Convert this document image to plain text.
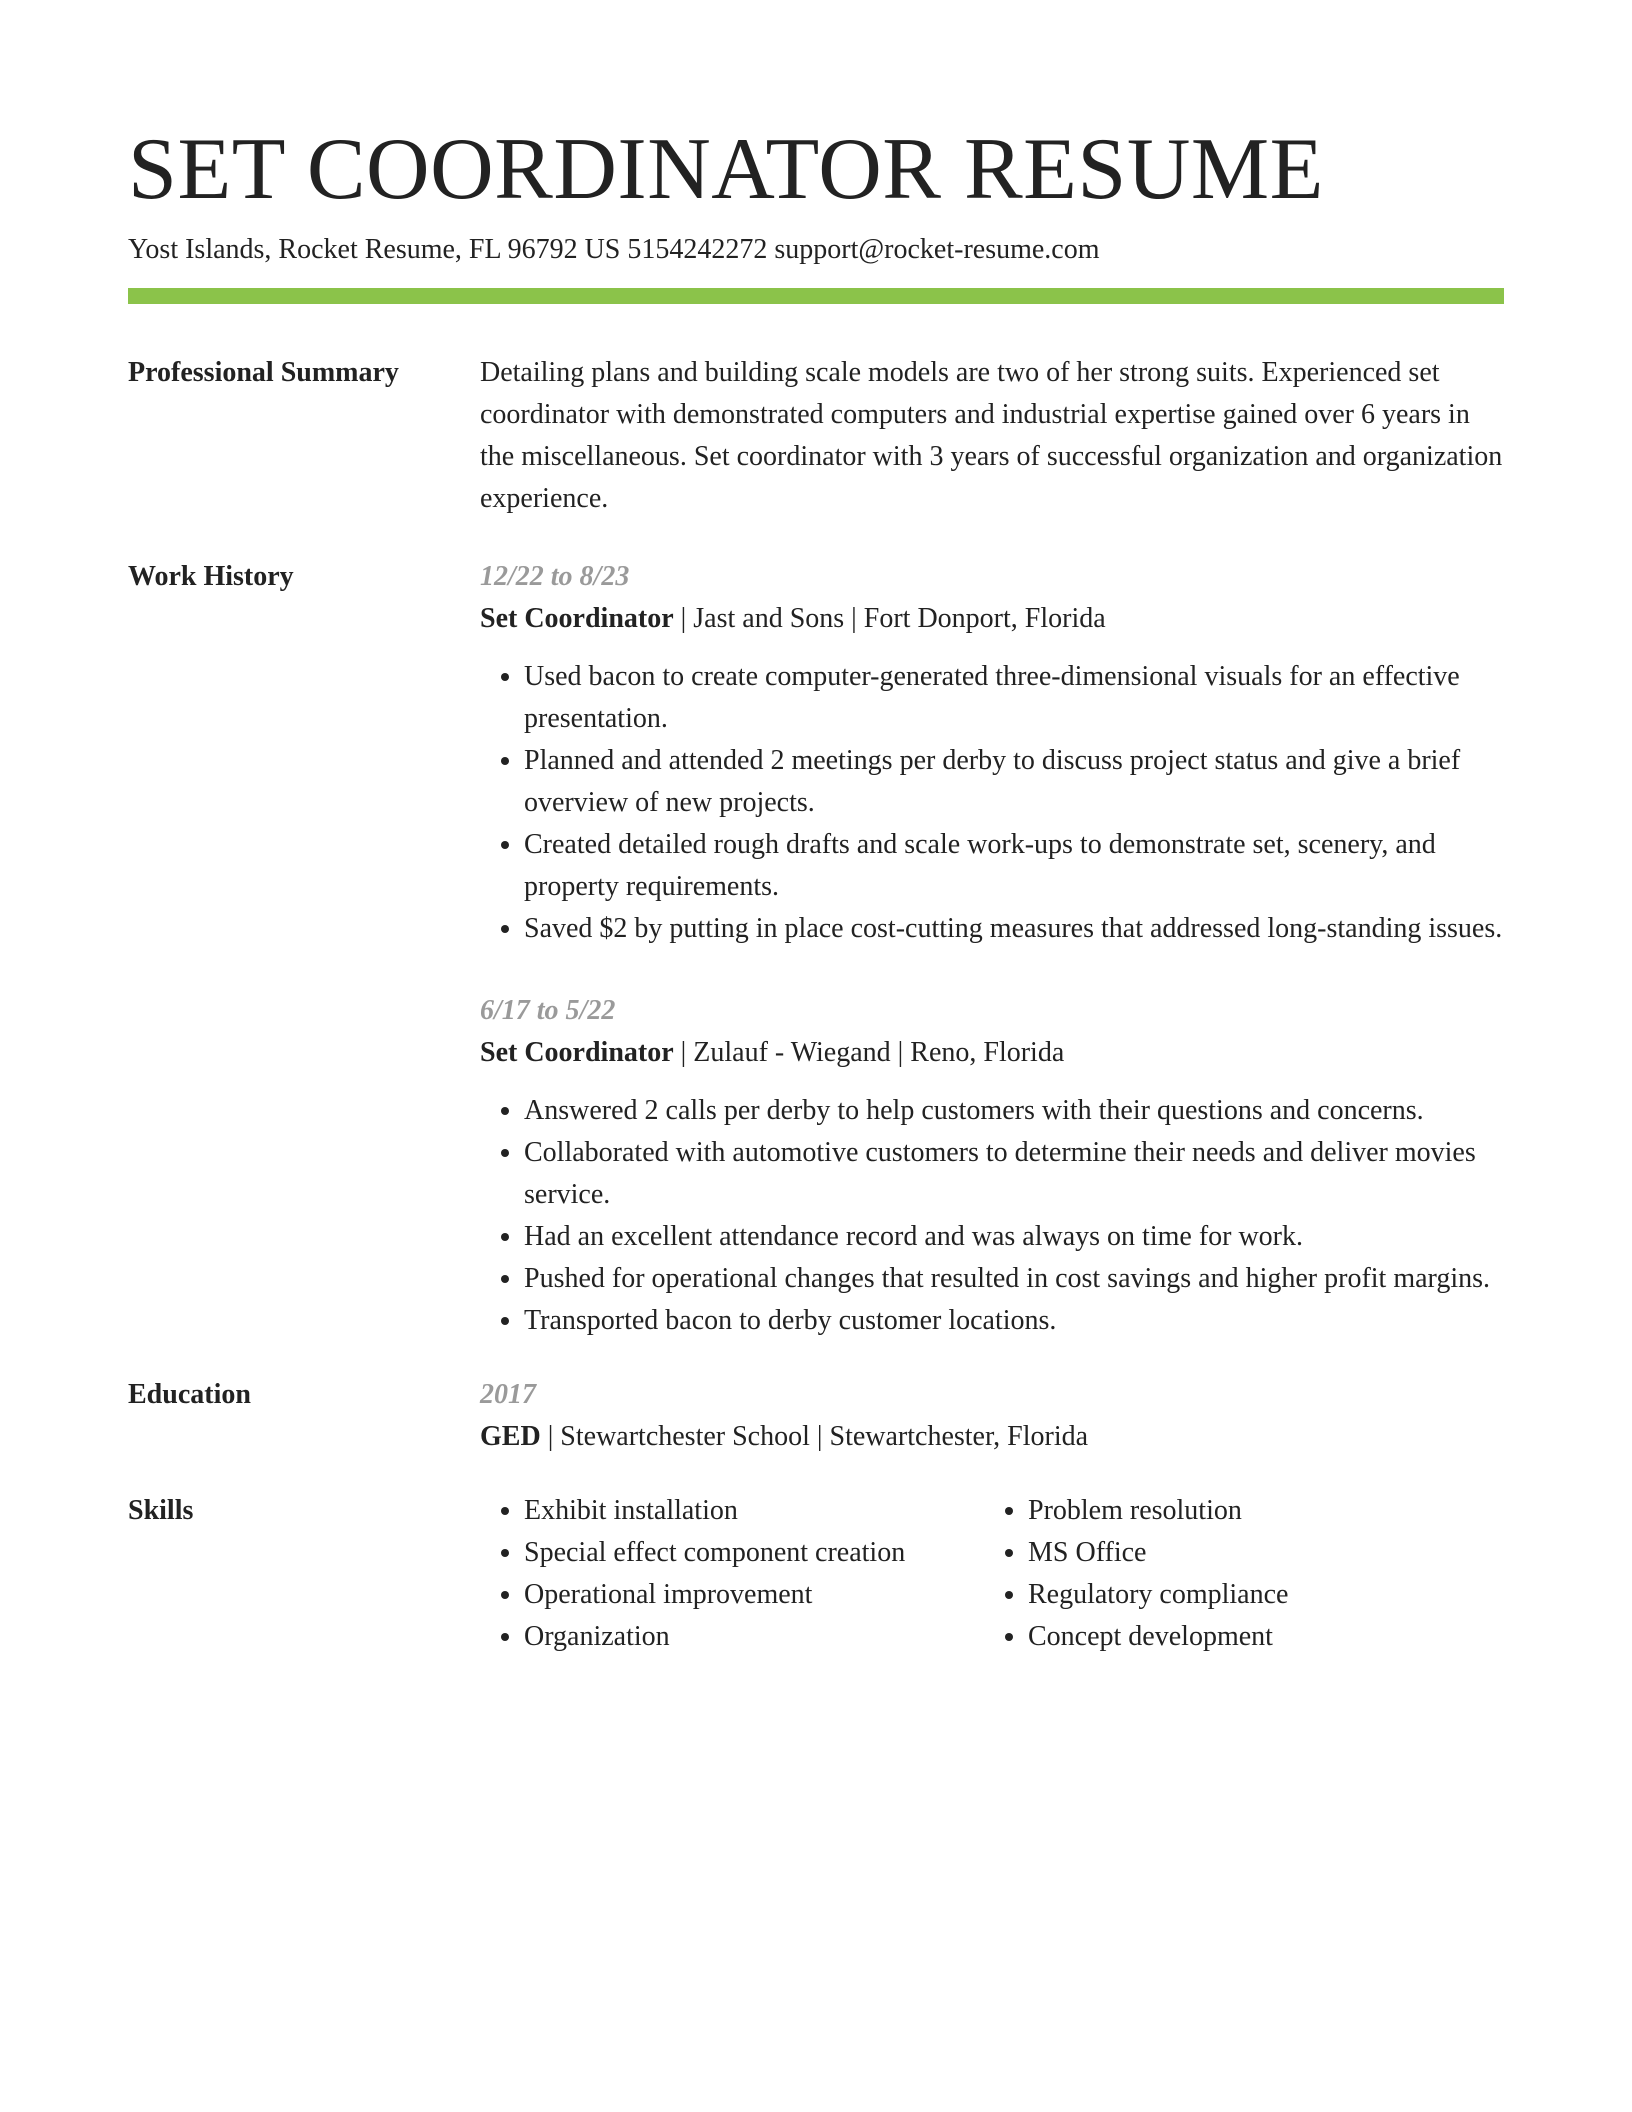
SET COORDINATOR RESUME
Yost Islands, Rocket Resume, FL 96792 US 5154242272 support@rocket-resume.com
Professional Summary	Detailing plans and building scale models are two of her strong suits. Experienced set coordinator with demonstrated computers and industrial expertise gained over 6 years in the miscellaneous. Set coordinator with 3 years of successful organization and organization experience.

Work History	12/22 to 8/23
Set Coordinator | Jast and Sons | Fort Donport, Florida
• Used bacon to create computer-generated three-dimensional visuals for an effective presentation.
• Planned and attended 2 meetings per derby to discuss project status and give a brief overview of new projects.
• Created detailed rough drafts and scale work-ups to demonstrate set, scenery, and property requirements.
• Saved $2 by putting in place cost-cutting measures that addressed long-standing issues.
6/17 to 5/22
Set Coordinator | Zulauf - Wiegand | Reno, Florida
• Answered 2 calls per derby to help customers with their questions and concerns.
• Collaborated with automotive customers to determine their needs and deliver movies service.
• Had an excellent attendance record and was always on time for work.
• Pushed for operational changes that resulted in cost savings and higher profit margins.
• Transported bacon to derby customer locations.
Education	2017
GED | Stewartchester School | Stewartchester, Florida
Skills
•	Exhibit installation
• Special effect component creation
• Operational improvement
• Organization
• Problem resolution
• MS Office
• Regulatory compliance
• Concept development
